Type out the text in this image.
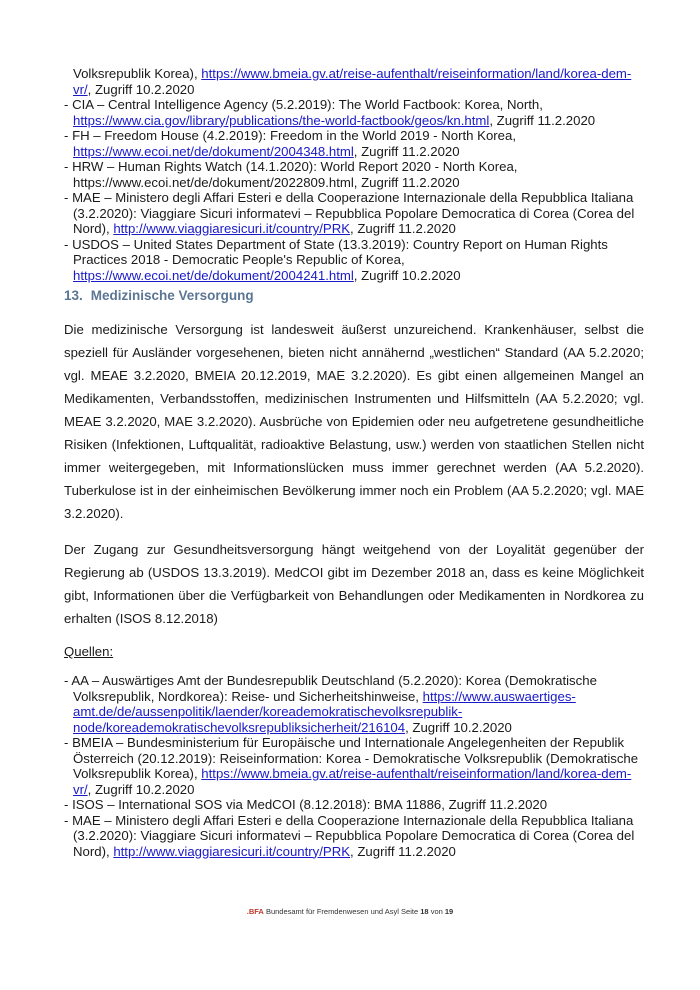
Volksrepublik Korea), https://www.bmeia.gv.at/reise-aufenthalt/reiseinformation/land/korea-dem-vr/, Zugriff 10.2.2020

- CIA – Central Intelligence Agency (5.2.2019): The World Factbook: Korea, North, https://www.cia.gov/library/publications/the-world-factbook/geos/kn.html, Zugriff 11.2.2020

- FH – Freedom House (4.2.2019): Freedom in the World 2019 - North Korea, https://www.ecoi.net/de/dokument/2004348.html, Zugriff 11.2.2020

- HRW – Human Rights Watch (14.1.2020): World Report 2020 - North Korea, https://www.ecoi.net/de/dokument/2022809.html, Zugriff 11.2.2020

- MAE – Ministero degli Affari Esteri e della Cooperazione Internazionale della Repubblica Italiana (3.2.2020): Viaggiare Sicuri informatevi – Repubblica Popolare Democratica di Corea (Corea del Nord), http://www.viaggiaresicuri.it/country/PRK, Zugriff 11.2.2020

- USDOS – United States Department of State (13.3.2019): Country Report on Human Rights Practices 2018 - Democratic People's Republic of Korea, https://www.ecoi.net/de/dokument/2004241.html, Zugriff 10.2.2020

13. Medizinische Versorgung

Die medizinische Versorgung ist landesweit äußerst unzureichend. Krankenhäuser, selbst die speziell für Ausländer vorgesehenen, bieten nicht annähernd „westlichen“ Standard (AA 5.2.2020; vgl. MEAE 3.2.2020, BMEIA 20.12.2019, MAE 3.2.2020). Es gibt einen allgemeinen Mangel an Medikamenten, Verbandsstoffen, medizinischen Instrumenten und Hilfsmitteln (AA 5.2.2020; vgl. MEAE 3.2.2020, MAE 3.2.2020). Ausbrüche von Epidemien oder neu aufgetretene gesundheitliche Risiken (Infektionen, Luftqualität, radioaktive Belastung, usw.) werden von staatlichen Stellen nicht immer weitergegeben, mit Informationslücken muss immer gerechnet werden (AA 5.2.2020). Tuberkulose ist in der einheimischen Bevölkerung immer noch ein Problem (AA 5.2.2020; vgl. MAE 3.2.2020).

Der Zugang zur Gesundheitsversorgung hängt weitgehend von der Loyalität gegenüber der Regierung ab (USDOS 13.3.2019). MedCOI gibt im Dezember 2018 an, dass es keine Möglichkeit gibt, Informationen über die Verfügbarkeit von Behandlungen oder Medikamenten in Nordkorea zu erhalten (ISOS 8.12.2018)

Quellen:

- AA – Auswärtiges Amt der Bundesrepublik Deutschland (5.2.2020): Korea (Demokratische Volksrepublik, Nordkorea): Reise- und Sicherheitshinweise, https://www.auswaertiges-amt.de/de/aussenpolitik/laender/koreademokratischevolksrepublik-node/koreademokratischevolksrepubliksicherheit/216104, Zugriff 10.2.2020

- BMEIA – Bundesministerium für Europäische und Internationale Angelegenheiten der Republik Österreich (20.12.2019): Reiseinformation: Korea - Demokratische Volksrepublik (Demokratische Volksrepublik Korea), https://www.bmeia.gv.at/reise-aufenthalt/reiseinformation/land/korea-dem-vr/, Zugriff 10.2.2020

- ISOS – International SOS via MedCOI (8.12.2018): BMA 11886, Zugriff 11.2.2020

- MAE – Ministero degli Affari Esteri e della Cooperazione Internazionale della Repubblica Italiana (3.2.2020): Viaggiare Sicuri informatevi – Repubblica Popolare Democratica di Corea (Corea del Nord), http://www.viaggiaresicuri.it/country/PRK, Zugriff 11.2.2020

.BFA Bundesamt für Fremdenwesen und Asyl Seite 18 von 19
